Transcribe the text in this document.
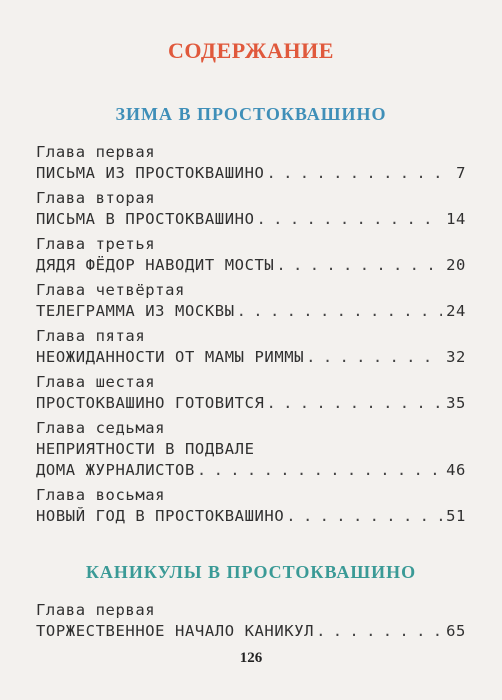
СОДЕРЖАНИЕ
ЗИМА В ПРОСТОКВАШИНО
Глава первая
ПИСЬМА ИЗ ПРОСТОКВАШИНО . . .	7
Глава вторая
ПИСЬМА В ПРОСТОКВАШИНО . . .	14
Глава третья
ДЯДЯ ФЁДОР НАВОДИТ МОСТЫ . . .	20
Глава четвёртая
ТЕЛЕГРАММА ИЗ МОСКВЫ . . .	24
Глава пятая
НЕОЖИДАННОСТИ ОТ МАМЫ РИММЫ . . .	32
Глава шестая
ПРОСТОКВАШИНО ГОТОВИТСЯ . . .	35
Глава седьмая
НЕПРИЯТНОСТИ В ПОДВАЛЕ
ДОМА ЖУРНАЛИСТОВ . . .	46
Глава восьмая
НОВЫЙ ГОД В ПРОСТОКВАШИНО . . .	51
КАНИКУЛЫ В ПРОСТОКВАШИНО
Глава первая
ТОРЖЕСТВЕННОЕ НАЧАЛО КАНИКУЛ . . .	65
126
